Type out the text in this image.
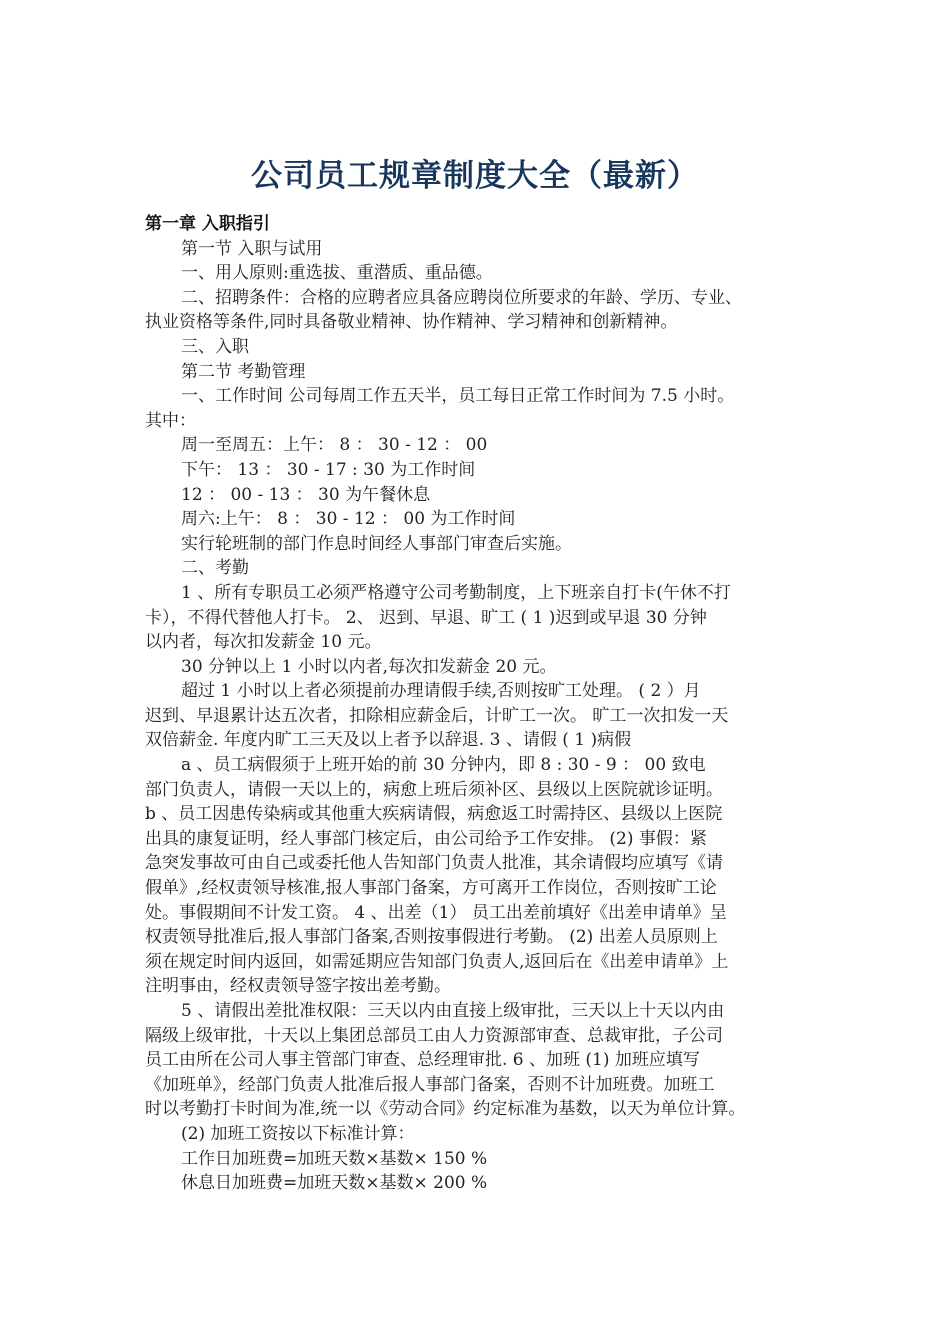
公司员工规章制度大全（最新）
第一章 入职指引
第一节 入职与试用
一、用人原则:重选拔、重潜质、重品德。
二、招聘条件：合格的应聘者应具备应聘岗位所要求的年龄、学历、专业、
执业资格等条件,同时具备敬业精神、协作精神、学习精神和创新精神。
三、入职
第二节 考勤管理
一、工作时间 公司每周工作五天半，员工每日正常工作时间为 7.5 小时。
其中：
周一至周五：上午： 8 ： 30 - 12 ： 00
下午： 13 ： 30 - 17 : 30 为工作时间
12 ： 00 - 13 ： 30 为午餐休息
周六:上午： 8 ： 30 - 12 ： 00 为工作时间
实行轮班制的部门作息时间经人事部门审查后实施。
二、考勤
1 、所有专职员工必须严格遵守公司考勤制度，上下班亲自打卡(午休不打
卡），不得代替他人打卡。 2、 迟到、早退、旷工 ( 1 )迟到或早退 30 分钟
以内者，每次扣发薪金 10 元。
30 分钟以上 1 小时以内者,每次扣发薪金 20 元。
超过 1 小时以上者必须提前办理请假手续,否则按旷工处理。 ( 2 ）月
迟到、早退累计达五次者，扣除相应薪金后，计旷工一次。 旷工一次扣发一天
双倍薪金. 年度内旷工三天及以上者予以辞退. 3 、请假 ( 1 )病假
a 、员工病假须于上班开始的前 30 分钟内，即 8 : 30 - 9 ： 00 致电
部门负责人，请假一天以上的，病愈上班后须补区、县级以上医院就诊证明。
b 、员工因患传染病或其他重大疾病请假，病愈返工时需持区、县级以上医院
出具的康复证明，经人事部门核定后，由公司给予工作安排。 (2) 事假：紧
急突发事故可由自己或委托他人告知部门负责人批准，其余请假均应填写《请
假单》,经权责领导核准,报人事部门备案，方可离开工作岗位，否则按旷工论
处。事假期间不计发工资。 4 、出差（1） 员工出差前填好《出差申请单》呈
权责领导批准后,报人事部门备案,否则按事假进行考勤。 (2) 出差人员原则上
须在规定时间内返回，如需延期应告知部门负责人,返回后在《出差申请单》上
注明事由，经权责领导签字按出差考勤。
5 、请假出差批准权限：三天以内由直接上级审批，三天以上十天以内由
隔级上级审批，十天以上集团总部员工由人力资源部审查、总裁审批，子公司
员工由所在公司人事主管部门审查、总经理审批. 6 、加班 (1) 加班应填写
《加班单》，经部门负责人批准后报人事部门备案，否则不计加班费。加班工
时以考勤打卡时间为准,统一以《劳动合同》约定标准为基数，以天为单位计算。
(2) 加班工资按以下标准计算：
工作日加班费=加班天数×基数× 150 %
休息日加班费=加班天数×基数× 200 %
